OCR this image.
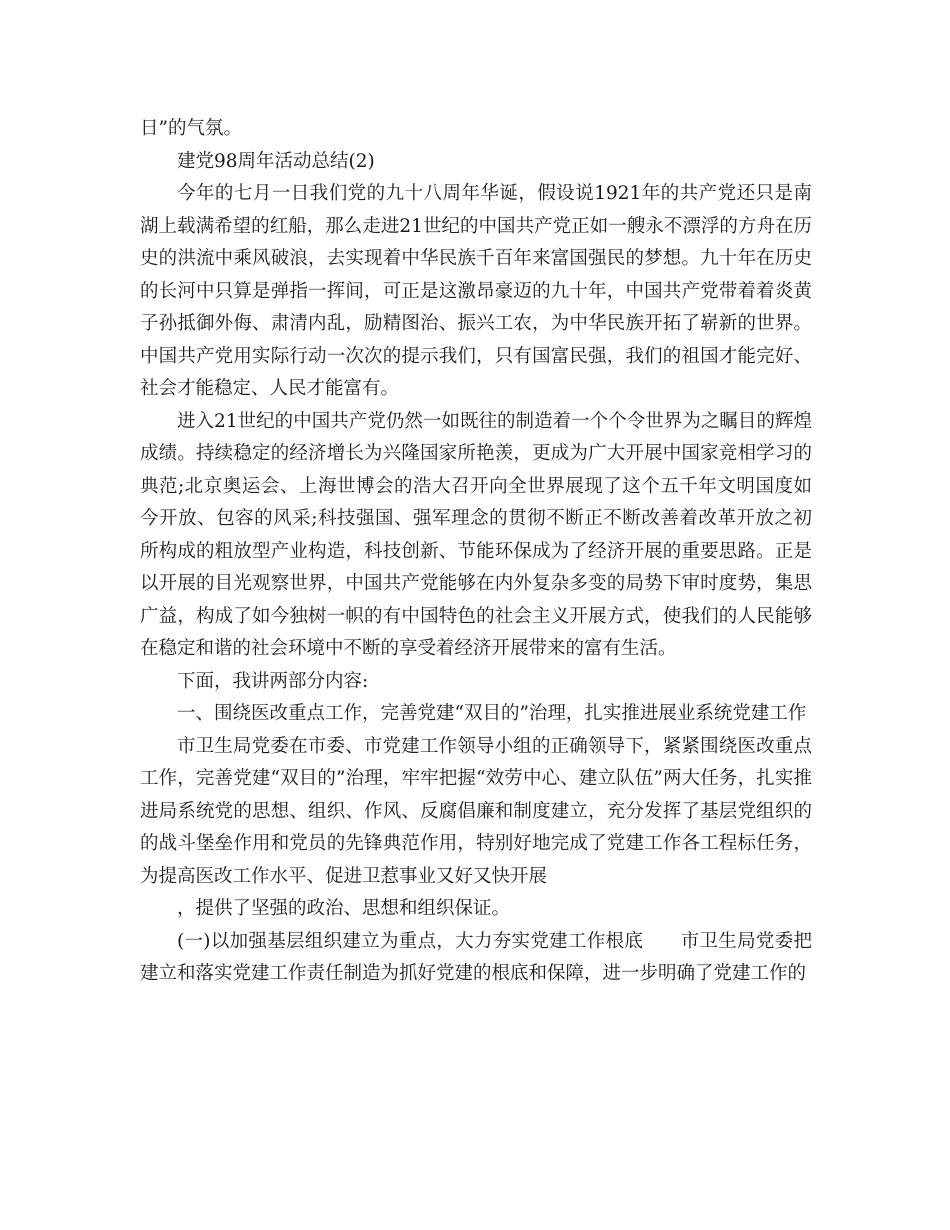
日”的气氛。

建党98周年活动总结(2)

今年的七月一日我们党的九十八周年华诞，假设说1921年的共产党还只是南湖上载满希望的红船，那么走进21世纪的中国共产党正如一艘永不漂浮的方舟在历史的洪流中乘风破浪，去实现着中华民族千百年来富国强民的梦想。九十年在历史的长河中只算是弹指一挥间，可正是这激昂豪迈的九十年，中国共产党带着着炎黄子孙抵御外侮、肃清内乱，励精图治、振兴工农，为中华民族开拓了崭新的世界。中国共产党用实际行动一次次的提示我们，只有国富民强，我们的祖国才能完好、社会才能稳定、人民才能富有。

进入21世纪的中国共产党仍然一如既往的制造着一个个令世界为之瞩目的辉煌成绩。持续稳定的经济增长为兴隆国家所艳羡，更成为广大开展中国家竞相学习的典范;北京奥运会、上海世博会的浩大召开向全世界展现了这个五千年文明国度如今开放、包容的风采;科技强国、强军理念的贯彻不断正不断改善着改革开放之初所构成的粗放型产业构造，科技创新、节能环保成为了经济开展的重要思路。正是以开展的目光观察世界，中国共产党能够在内外复杂多变的局势下审时度势，集思广益，构成了如今独树一帜的有中国特色的社会主义开展方式，使我们的人民能够在稳定和谐的社会环境中不断的享受着经济开展带来的富有生活。

下面，我讲两部分内容:

一、围绕医改重点工作，完善党建“双目的”治理，扎实推进展业系统党建工作

市卫生局党委在市委、市党建工作领导小组的正确领导下，紧紧围绕医改重点工作，完善党建“双目的”治理，牢牢把握“效劳中心、建立队伍”两大任务，扎实推进局系统党的思想、组织、作风、反腐倡廉和制度建立，充分发挥了基层党组织的的战斗堡垒作用和党员的先锋典范作用，特别好地完成了党建工作各工程标任务，为提高医改工作水平、促进卫惹事业又好又快开展

，提供了坚强的政治、思想和组织保证。

(一)以加强基层组织建立为重点，大力夯实党建工作根底　　市卫生局党委把建立和落实党建工作责任制造为抓好党建的根底和保障，进一步明确了党建工作的
